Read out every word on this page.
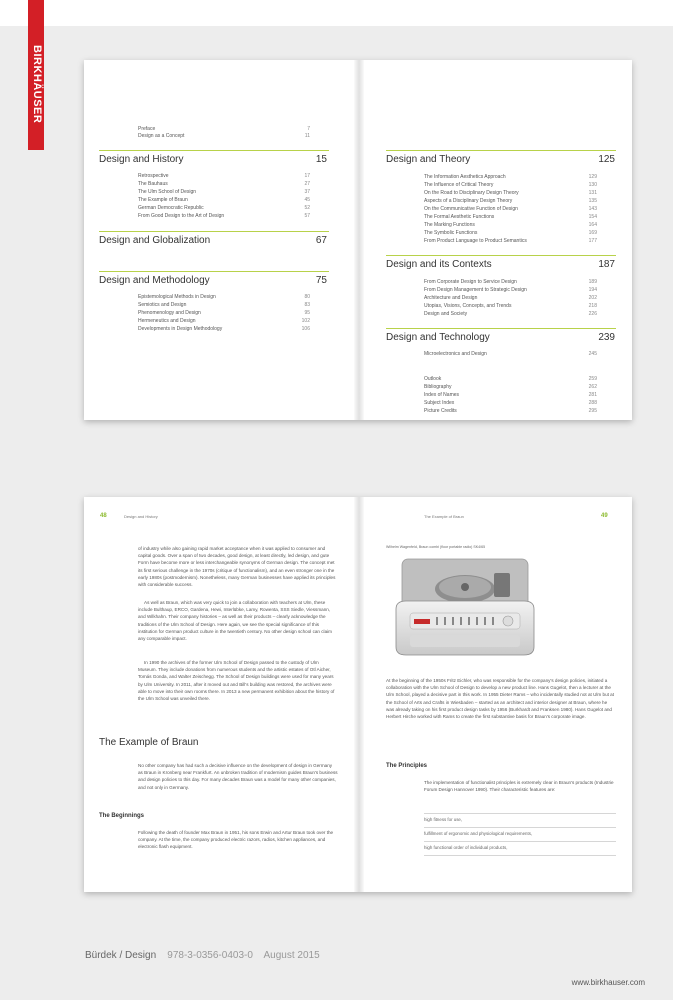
BIRKHÄUSER
Preface	7
Design as a Concept	11
Design and History	15
Retrospective	17
The Bauhaus	27
The Ulm School of Design	37
The Example of Braun	45
German Democratic Republic	52
From Good Design to the Art of Design	57
Design and Globalization	67
Design and Methodology	75
Epistemological Methods in Design	80
Semiotics and Design	83
Phenomenology and Design	95
Hermeneutics and Design	102
Developments in Design Methodology	106
Design and Theory	125
The Information Aesthetics Approach	129
The Influence of Critical Theory	130
On the Road to Disciplinary Design Theory	131
Aspects of a Disciplinary Design Theory	135
On the Communicative Function of Design	143
The Formal Aesthetic Functions	154
The Marking Functions	164
The Symbolic Functions	169
From Product Language to Product Semantics	177
Design and its Contexts	187
From Corporate Design to Service Design	189
From Design Management to Strategic Design	194
Architecture and Design	202
Utopias, Visions, Concepts, and Trends	218
Design and Society	226
Design and Technology	239
Microelectronics and Design	245
Outlook	259
Bibliography	262
Index of Names	281
Subject Index	288
Picture Credits	295
48	Design and History
of industry while also gaining rapid market acceptance when it was applied to consumer and capital goods. Over a span of two decades, good design, at least directly, led design, and gute Form have become more or less interchangeable synonyms of German design. The concept met its first serious challenge in the 1970s (critique of functionalism), and an even stronger one in the early 1980s (postmodernism). Nonetheless, many German businesses have applied its principles with considerable success.
As well as Braun, which was very quick to join a collaboration with teachers at Ulm, these include Bulthaup, ERCO, Gardena, Hewi, Interlübke, Lamy, Rowenta, SSS Siedle, Viessmann, and Wilkhahn. Their company histories – as well as their products – clearly acknowledge the traditions of the Ulm School of Design. Here again, we see the special significance of this institution for German product culture in the twentieth century. No other design school can claim any comparable impact.
In 1990 the archives of the former Ulm School of Design passed to the custody of Ulm Museum. They include donations from numerous students and the artistic estates of Otl Aicher, Tomás Gonda, and Walter Zeischegg. The School of Design buildings were used for many years by Ulm University. In 2011, after it moved out and Bill's building was restored, the archives were able to move into their own rooms there. In 2013 a new permanent exhibition about the history of the Ulm School was unveiled there.
The Example of Braun
No other company has had such a decisive influence on the development of design in Germany as Braun in Kronberg near Frankfurt. An unbroken tradition of modernism guides Braun's business and design policies to this day. For many decades Braun was a model for many other companies, and not only in Germany.
The Beginnings
Following the death of founder Max Braun in 1951, his sons Erwin and Artur Braun took over the company. At the time, the company produced electric razors, radios, kitchen appliances, and electronic flash equipment.
The Example of Braun	49
Wilhelm Wagenfeld, Braun combi (floor portable radio) SK4/65
At the beginning of the 1950s Fritz Eichler, who was responsible for the company's design policies, initiated a collaboration with the Ulm School of Design to develop a new product line. Hans Gugelot, then a lecturer at the Ulm School, played a decisive part in this work. In 1955 Dieter Rams – who incidentally studied not at Ulm but at the School of Arts and Crafts in Wiesbaden – started as an architect and interior designer at Braun, where he was already taking on his first product design tasks by 1956 (Burkhardt and Franksen 1980). Hans Gugelot and Herbert Hirche worked with Rams to create the first substantive basis for Braun's corporate image.
The Principles
The implementation of functionalist principles is extremely clear in Braun's products (Industrie Forum Design Hannover 1990). Their characteristic features are:
high fitness for use,
fulfillment of ergonomic and physiological requirements,
high functional order of individual products,
Bürdek / Design 978-3-0356-0403-0 August 2015
www.birkhauser.com
